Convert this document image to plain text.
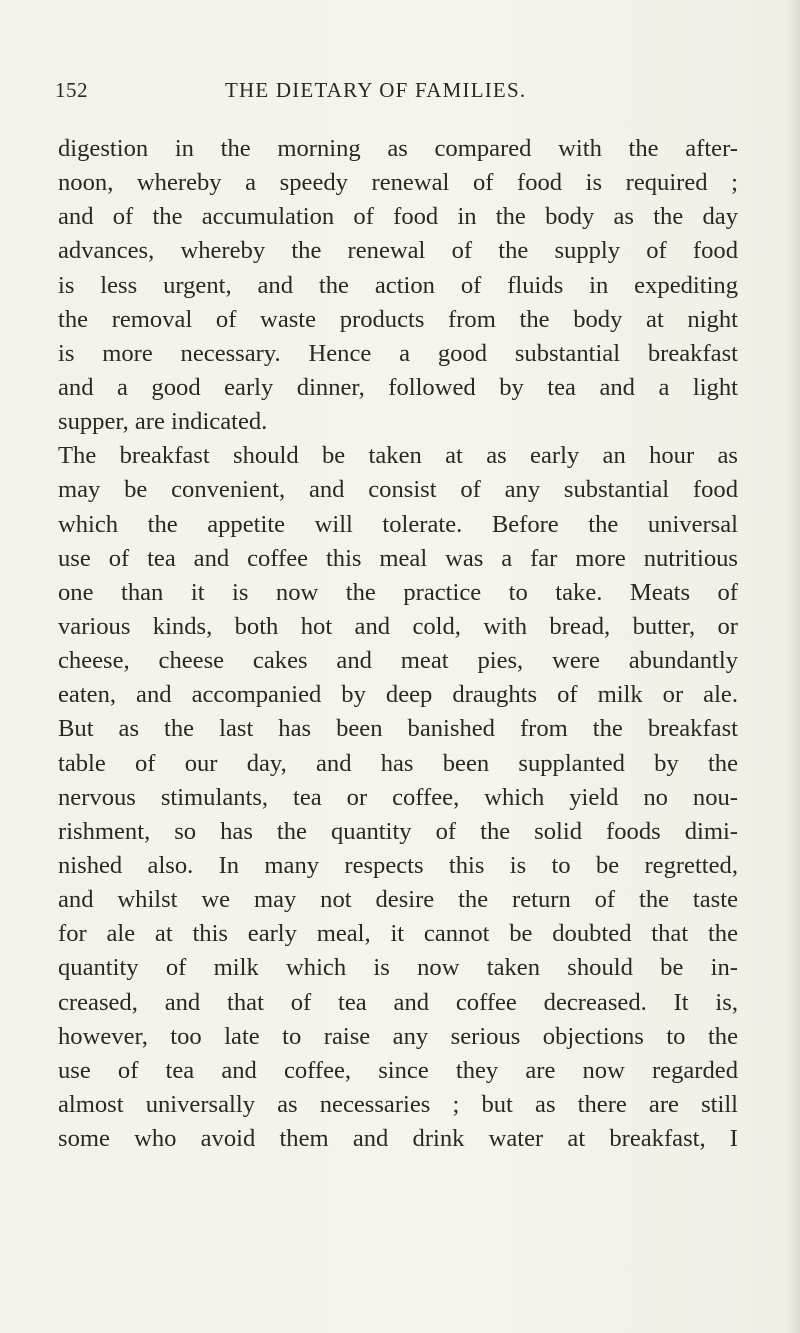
152	THE DIETARY OF FAMILIES.
digestion in the morning as compared with the after-
noon, whereby a speedy renewal of food is required ;
and of the accumulation of food in the body as the day
advances, whereby the renewal of the supply of food
is less urgent, and the action of fluids in expediting
the removal of waste products from the body at night
is more necessary. Hence a good substantial breakfast
and a good early dinner, followed by tea and a light
supper, are indicated.
The breakfast should be taken at as early an hour as
may be convenient, and consist of any substantial food
which the appetite will tolerate. Before the universal
use of tea and coffee this meal was a far more nutritious
one than it is now the practice to take. Meats of
various kinds, both hot and cold, with bread, butter, or
cheese, cheese cakes and meat pies, were abundantly
eaten, and accompanied by deep draughts of milk or ale.
But as the last has been banished from the breakfast
table of our day, and has been supplanted by the
nervous stimulants, tea or coffee, which yield no nou-
rishment, so has the quantity of the solid foods dimi-
nished also. In many respects this is to be regretted,
and whilst we may not desire the return of the taste
for ale at this early meal, it cannot be doubted that the
quantity of milk which is now taken should be in-
creased, and that of tea and coffee decreased. It is,
however, too late to raise any serious objections to the
use of tea and coffee, since they are now regarded
almost universally as necessaries ; but as there are still
some who avoid them and drink water at breakfast, I
